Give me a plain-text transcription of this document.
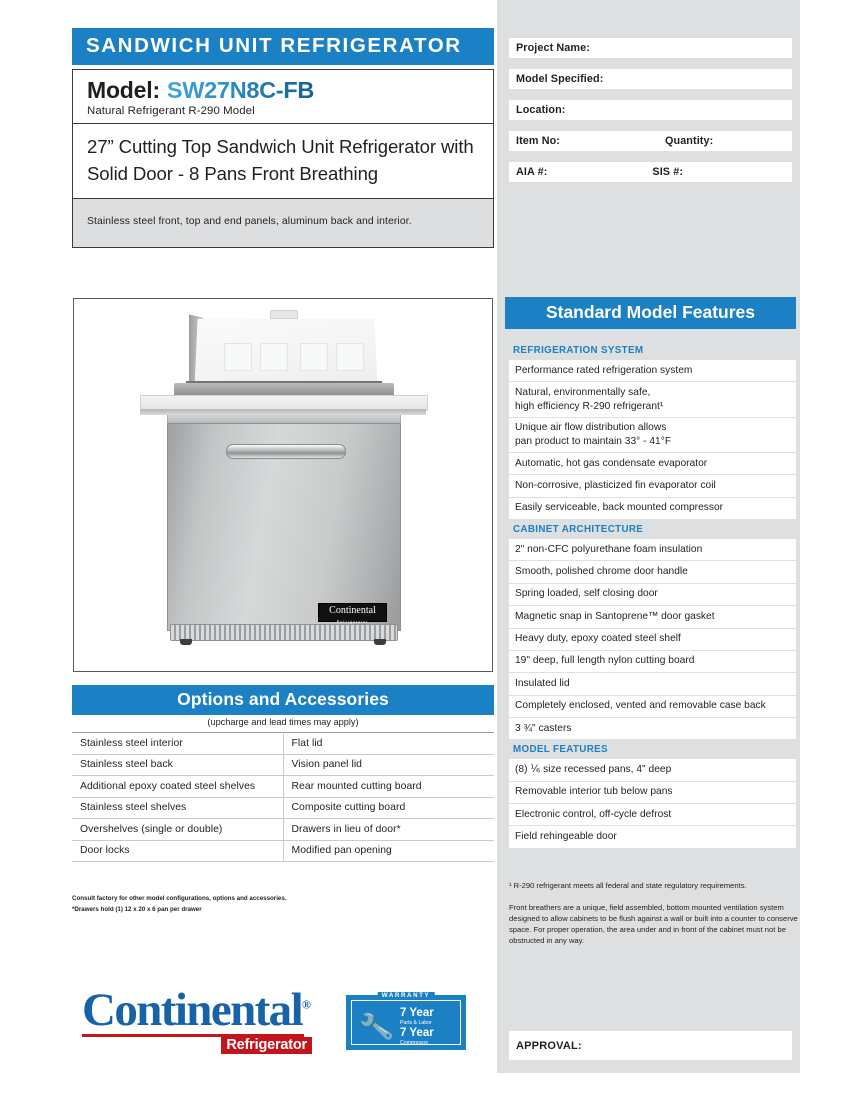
SANDWICH UNIT REFRIGERATOR
Model: SW27N8C-FB
Natural Refrigerant R-290 Model

27” Cutting Top Sandwich Unit Refrigerator with Solid Door - 8 Pans Front Breathing

Stainless steel front, top and end panels, aluminum back and interior.

Continental
Refrigerator
Options and Accessories
(upcharge and lead times may apply)
Stainless steel interior	Flat lid
Stainless steel back	Vision panel lid
Additional epoxy coated steel shelves	Rear mounted cutting board
Stainless steel shelves	Composite cutting board
Overshelves (single or double)	Drawers in lieu of door*
Door locks	Modified pan opening
Consult factory for other model configurations, options and accessories.
*Drawers hold (1) 12 x 20 x 6 pan per drawer
Continental®
Refrigerator
WARRANTY
🔧 7 Year
Parts & Labor
7 Year
Compressor
Project Name:
Model Specified:
Location:
Item No:	Quantity:
AIA #:	SIS #:
Standard Model Features
REFRIGERATION SYSTEM
Performance rated refrigeration system
Natural, environmentally safe,
high efficiency R-290 refrigerant¹
Unique air flow distribution allows
pan product to maintain 33° - 41°F
Automatic, hot gas condensate evaporator
Non-corrosive, plasticized fin evaporator coil
Easily serviceable, back mounted compressor
CABINET ARCHITECTURE
2" non-CFC polyurethane foam insulation
Smooth, polished chrome door handle
Spring loaded, self closing door
Magnetic snap in Santoprene™ door gasket
Heavy duty, epoxy coated steel shelf
19" deep, full length nylon cutting board
Insulated lid
Completely enclosed, vented and removable case back
3 ¾" casters
MODEL FEATURES
(8) ⅙ size recessed pans, 4" deep
Removable interior tub below pans
Electronic control, off-cycle defrost
Field rehingeable door

¹ R-290 refrigerant meets all federal and state regulatory requirements.

Front breathers are a unique, field assembled, bottom mounted ventilation system designed to allow cabinets to be flush against a wall or built into a counter to conserve space. For proper operation, the area under and in front of the cabinet must not be obstructed in any way.

APPROVAL:
